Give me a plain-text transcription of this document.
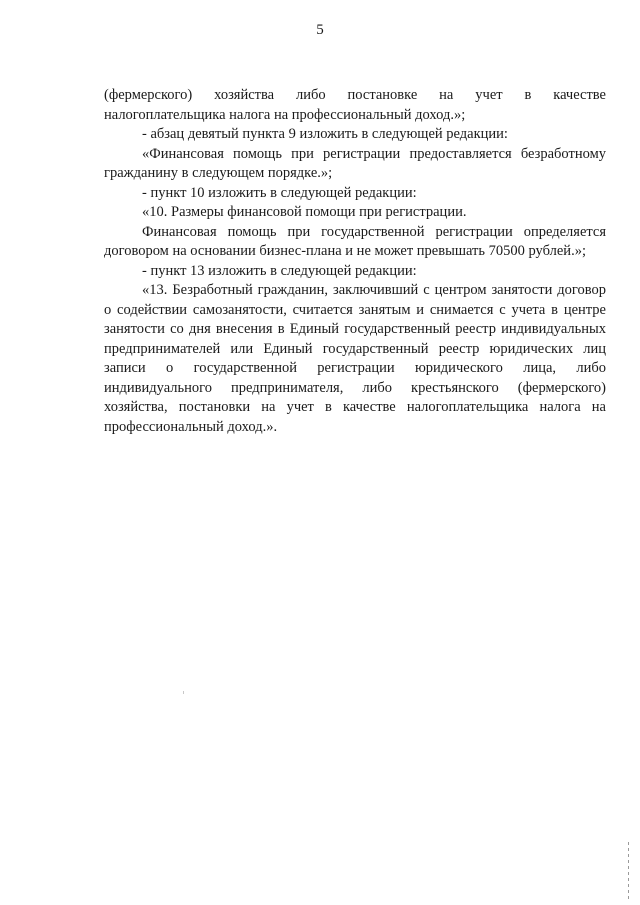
5

(фермерского) хозяйства либо постановке на учет в качестве

налогоплательщика налога на профессиональный доход.»;

- абзац девятый пункта 9 изложить в следующей редакции:

«Финансовая помощь при регистрации предоставляется безработному гражданину в следующем порядке.»;

- пункт 10 изложить в следующей редакции:

«10. Размеры финансовой помощи при регистрации.

Финансовая помощь при государственной регистрации определяется договором на основании бизнес-плана и не может превышать 70500 рублей.»;

- пункт 13 изложить в следующей редакции:

«13. Безработный гражданин, заключивший с центром занятости договор о содействии самозанятости, считается занятым и снимается с учета в центре занятости со дня внесения в Единый государственный реестр индивидуальных предпринимателей или Единый государственный реестр юридических лиц записи о государственной регистрации юридического лица, либо индивидуального предпринимателя, либо крестьянского (фермерского) хозяйства, постановки на учет в качестве налогоплательщика налога на профессиональный доход.».
